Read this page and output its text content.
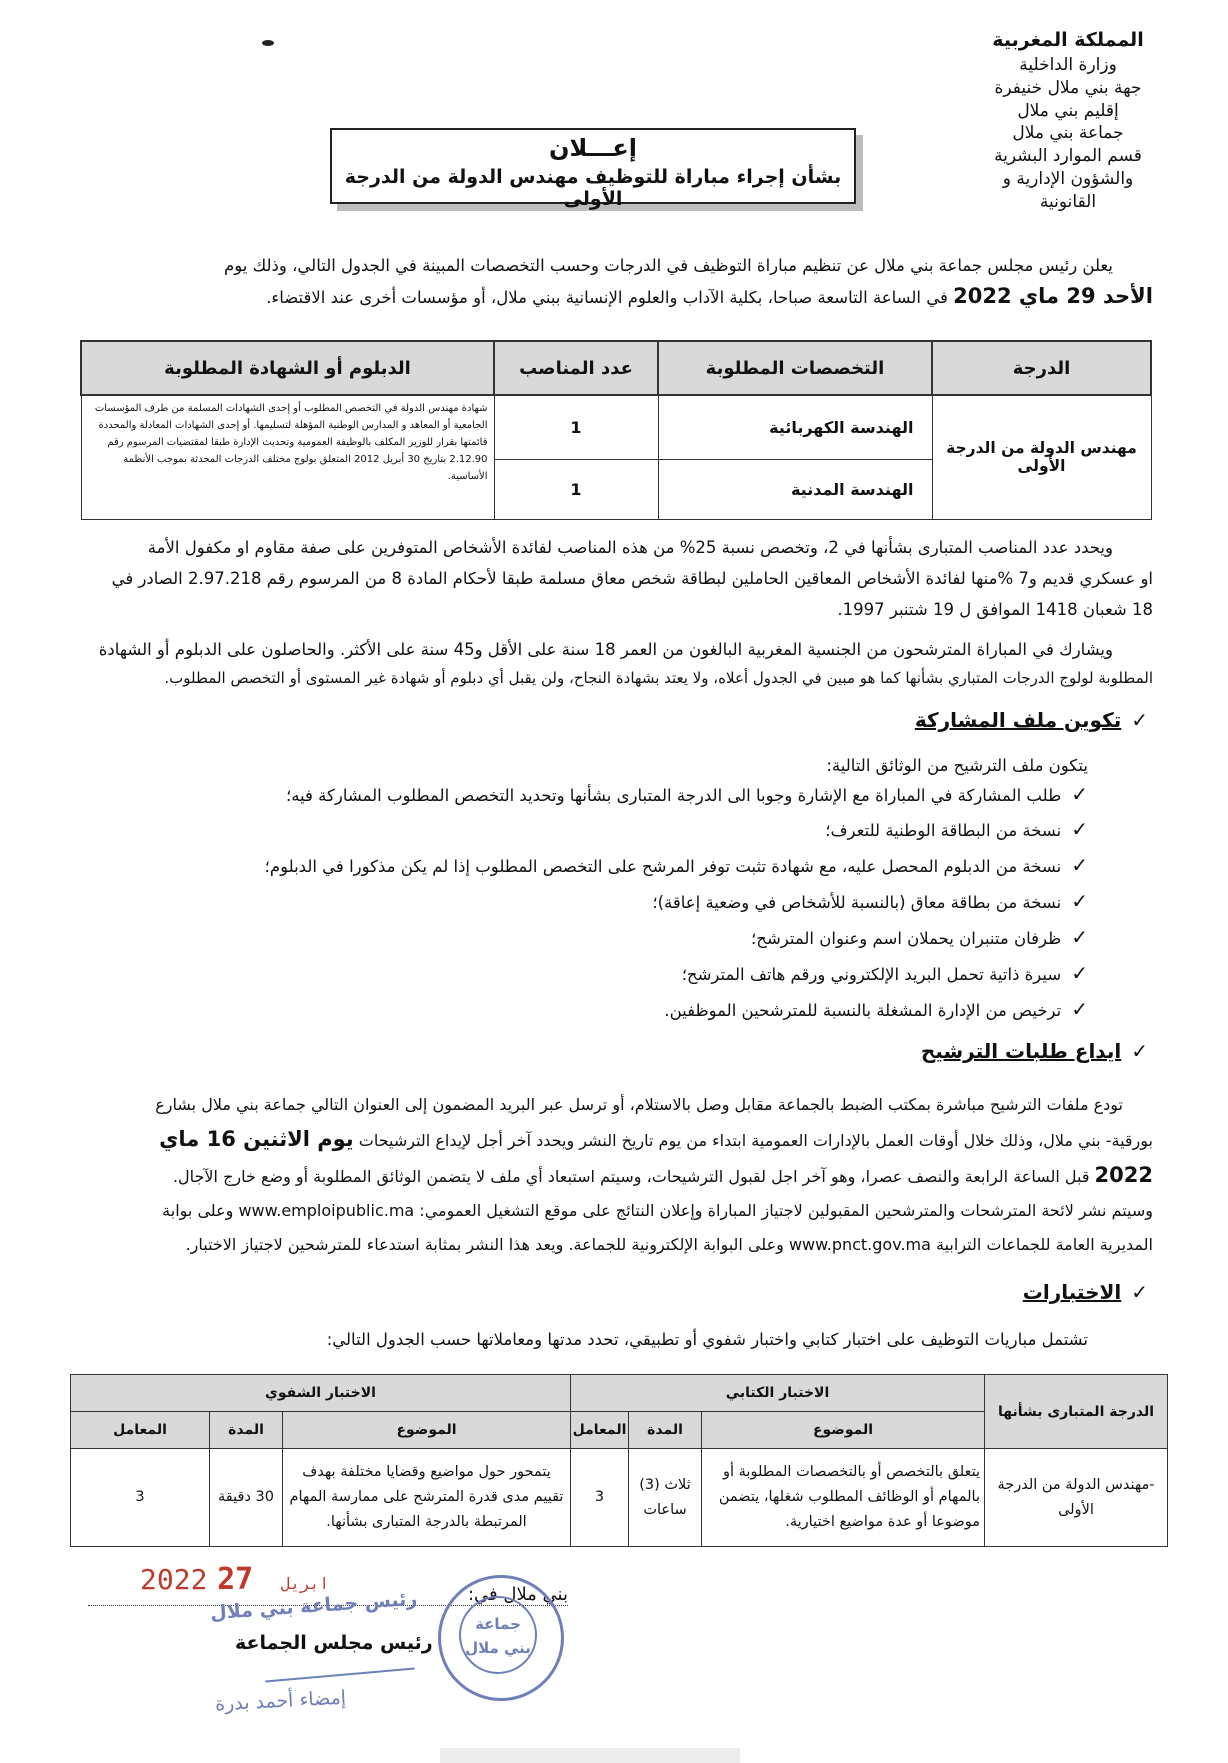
المملكة المغربية
وزارة الداخلية
جهة بني ملال خنيفرة
إقليم بني ملال
جماعة بني ملال
قسم الموارد البشرية
والشؤون الإدارية و
القانونية
إعـــلان
بشأن إجراء مباراة للتوظيف مهندس الدولة من الدرجة الأولى
يعلن رئيس مجلس جماعة بني ملال عن تنظيم مباراة التوظيف في الدرجات وحسب التخصصات المبينة في الجدول التالي، وذلك يوم
الأحد 29 ماي 2022 في الساعة التاسعة صباحا، بكلية الآداب والعلوم الإنسانية ببني ملال، أو مؤسسات أخرى عند الاقتضاء.
الدرجة	التخصصات المطلوبة	عدد المناصب	الدبلوم أو الشهادة المطلوبة
مهندس الدولة من الدرجة الأولى	الهندسة الكهربائية	1	شهادة مهندس الدولة في التخصص المطلوب أو إحدى الشهادات المسلمة من طرف المؤسسات الجامعية أو المعاهد و المدارس الوطنية المؤهلة لتسليمها. أو إحدى الشهادات المعادلة والمحددة قائمتها بقرار للوزير المكلف بالوظيفة العمومية وتحديث الإدارة طبقا لمقتضيات المرسوم رقم 2.12.90 بتاريخ 30 أبريل 2012 المتعلق بولوج مختلف الدرجات المحدثة بموجب الأنظمة الأساسية.
	الهندسة المدنية	1	
ويحدد عدد المناصب المتبارى بشأنها في 2، وتخصص نسبة 25% من هذه المناصب لفائدة الأشخاص المتوفرين على صفة مقاوم او مكفول الأمة
او عسكري قديم و7 %منها لفائدة الأشخاص المعاقين الحاملين لبطاقة شخص معاق مسلمة طبقا لأحكام المادة 8 من المرسوم رقم 2.97.218 الصادر في
18 شعبان 1418 الموافق ل 19 شتنبر 1997.
ويشارك في المباراة المترشحون من الجنسية المغربية البالغون من العمر 18 سنة على الأقل و45 سنة على الأكثر. والحاصلون على الدبلوم أو الشهادة
المطلوبة لولوج الدرجات المتباري بشأنها كما هو مبين في الجدول أعلاه، ولا يعتد بشهادة النجاح، ولن يقبل أي دبلوم أو شهادة غير المستوى أو التخصص المطلوب.
✓تكوين ملف المشاركة
يتكون ملف الترشيح من الوثائق التالية:
✓طلب المشاركة في المباراة مع الإشارة وجوبا الى الدرجة المتبارى بشأنها وتحديد التخصص المطلوب المشاركة فيه؛
✓نسخة من البطاقة الوطنية للتعرف؛
✓نسخة من الدبلوم المحصل عليه، مع شهادة تثبت توفر المرشح على التخصص المطلوب إذا لم يكن مذكورا في الدبلوم؛
✓نسخة من بطاقة معاق (بالنسبة للأشخاص في وضعية إعاقة)؛
✓ظرفان متنبران يحملان اسم وعنوان المترشح؛
✓سيرة ذاتية تحمل البريد الإلكتروني ورقم هاتف المترشح؛
✓ترخيص من الإدارة المشغلة بالنسبة للمترشحين الموظفين.
✓ايداع طلبات الترشيح
تودع ملفات الترشيح مباشرة بمكتب الضبط بالجماعة مقابل وصل بالاستلام، أو ترسل عبر البريد المضمون إلى العنوان التالي جماعة بني ملال بشارع
بورقية- بني ملال، وذلك خلال أوقات العمل بالإدارات العمومية ابتداء من يوم تاريخ النشر ويحدد آخر أجل لإيداع الترشيحات يوم الاثنين 16 ماي
2022 قبل الساعة الرابعة والنصف عصرا، وهو آخر اجل لقبول الترشيحات، وسيتم استبعاد أي ملف لا يتضمن الوثائق المطلوبة أو وضع خارج الآجال.
وسيتم نشر لائحة المترشحات والمترشحين المقبولين لاجتياز المباراة وإعلان النتائج على موقع التشغيل العمومي: www.emploipublic.ma وعلى بوابة
المديرية العامة للجماعات الترابية www.pnct.gov.ma وعلى البوابة الإلكترونية للجماعة. ويعد هذا النشر بمثابة استدعاء للمترشحين لاجتياز الاختبار.
✓الاختبارات
تشتمل مباريات التوظيف على اختبار كتابي واختبار شفوي أو تطبيقي، تحدد مدتها ومعاملاتها حسب الجدول التالي:
الدرجة المتبارى بشأنها	الاختبار الكتابي			الاختبار الشفوي		
	الموضوع	المدة	المعامل	الموضوع	المدة	المعامل
-مهندس الدولة من الدرجة الأولى	يتعلق بالتخصص أو بالتخصصات المطلوبة أو بالمهام أو الوظائف المطلوب شغلها، يتضمن موضوعا أو عدة مواضيع اختيارية.	ثلاث (3) ساعات	3	يتمحور حول مواضيع وقضايا مختلفة بهدف تقييم مدى قدرة المترشح على ممارسة المهام المرتبطة بالدرجة المتبارى بشأنها.	30 دقيقة	3
بني ملال في:
2022	ابريل 27
جماعة بني ملال
رئيس جماعة بني ملال
رئيس مجلس الجماعة
إمضاء أحمد بدرة
